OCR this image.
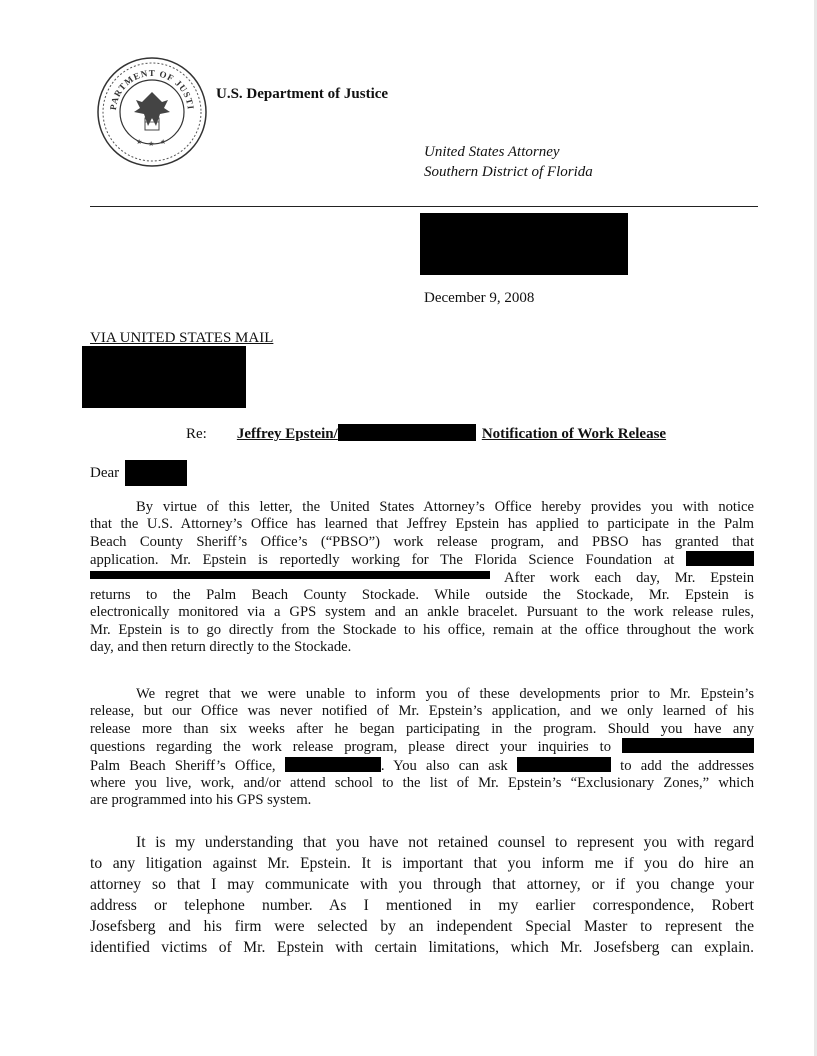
PARTMENT OF JUSTI
★ ★ ★
U.S. Department of Justice
United States Attorney
Southern District of Florida
December 9, 2008
VIA UNITED STATES MAIL
Re: Jeffrey Epstein/	Notification of Work Release
Dear
By virtue of this letter, the United States Attorney’s Office hereby provides you with notice
that the U.S. Attorney’s Office has learned that Jeffrey Epstein has applied to participate in the Palm
Beach County Sheriff’s Office’s (“PBSO”) work release program, and PBSO has granted that
application. Mr. Epstein is reportedly working for The Florida Science Foundation at
After work each day, Mr. Epstein
returns to the Palm Beach County Stockade. While outside the Stockade, Mr. Epstein is
electronically monitored via a GPS system and an ankle bracelet. Pursuant to the work release rules,
Mr. Epstein is to go directly from the Stockade to his office, remain at the office throughout the work
day, and then return directly to the Stockade.
We regret that we were unable to inform you of these developments prior to Mr. Epstein’s
release, but our Office was never notified of Mr. Epstein’s application, and we only learned of his
release more than six weeks after he began participating in the program. Should you have any
questions regarding the work release program, please direct your inquiries to
Palm Beach Sheriff’s Office,	. You also can ask	to add the addresses
where you live, work, and/or attend school to the list of Mr. Epstein’s “Exclusionary Zones,” which
are programmed into his GPS system.
It is my understanding that you have not retained counsel to represent you with regard
to any litigation against Mr. Epstein. It is important that you inform me if you do hire an
attorney so that I may communicate with you through that attorney, or if you change your
address or telephone number. As I mentioned in my earlier correspondence, Robert
Josefsberg and his firm were selected by an independent Special Master to represent the
identified victims of Mr. Epstein with certain limitations, which Mr. Josefsberg can explain.
